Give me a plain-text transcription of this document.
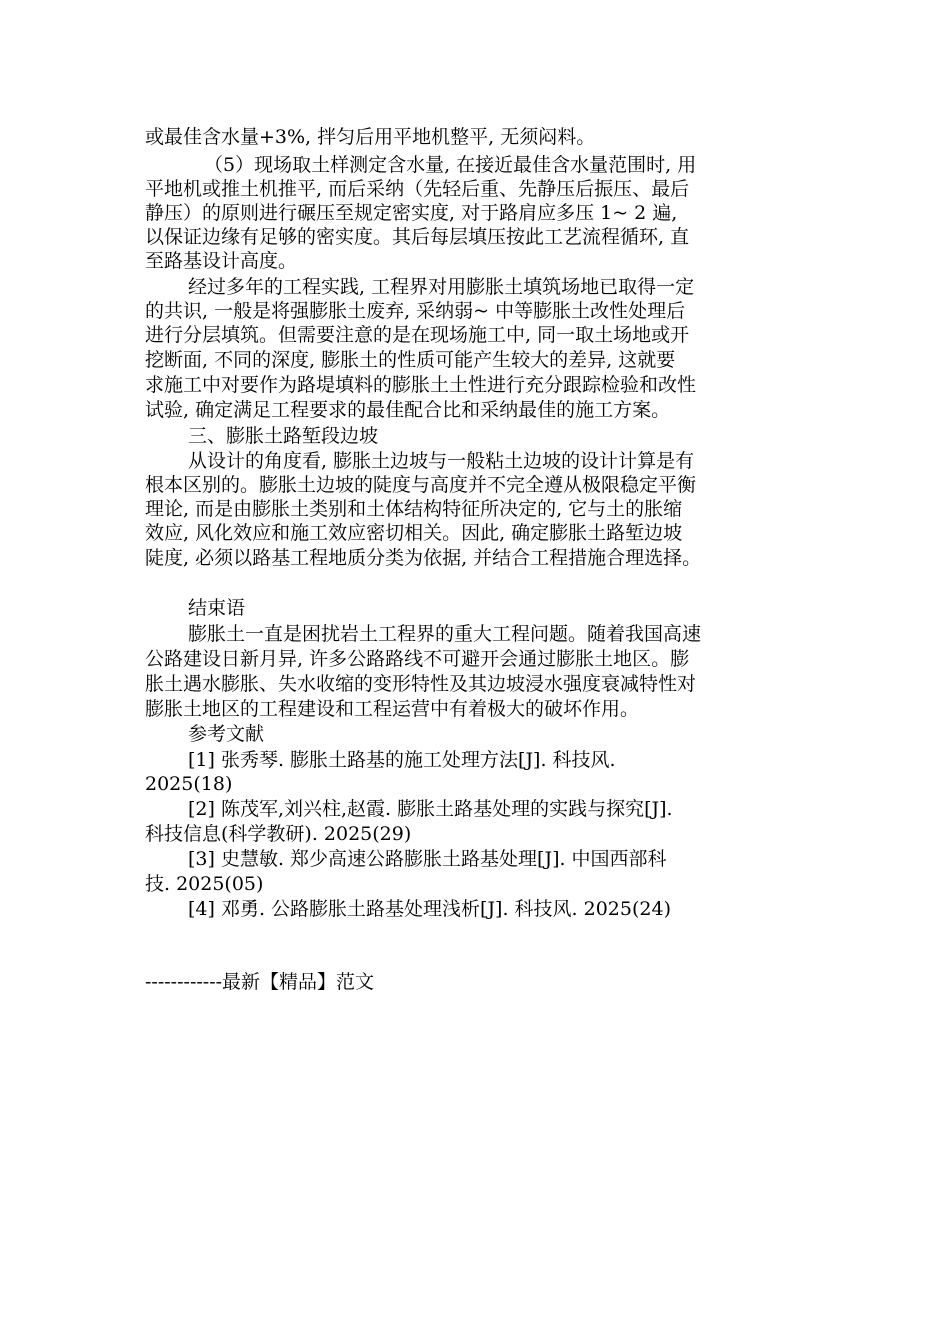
或最佳含水量+3%, 拌匀后用平地机整平, 无须闷料。
（5）现场取土样测定含水量, 在接近最佳含水量范围时, 用
平地机或推土机推平, 而后采纳（先轻后重、先静压后振压、最后
静压）的原则进行碾压至规定密实度, 对于路肩应多压 1~ 2 遍,
以保证边缘有足够的密实度。其后每层填压按此工艺流程循环, 直
至路基设计高度。
经过多年的工程实践, 工程界对用膨胀土填筑场地已取得一定
的共识, 一般是将强膨胀土废弃, 采纳弱~ 中等膨胀土改性处理后
进行分层填筑。但需要注意的是在现场施工中, 同一取土场地或开
挖断面, 不同的深度, 膨胀土的性质可能产生较大的差异, 这就要
求施工中对要作为路堤填料的膨胀土土性进行充分跟踪检验和改性
试验, 确定满足工程要求的最佳配合比和采纳最佳的施工方案。
三、膨胀土路堑段边坡
从设计的角度看, 膨胀土边坡与一般粘土边坡的设计计算是有
根本区别的。膨胀土边坡的陡度与高度并不完全遵从极限稳定平衡
理论, 而是由膨胀土类别和土体结构特征所决定的, 它与土的胀缩
效应, 风化效应和施工效应密切相关。因此, 确定膨胀土路堑边坡
陡度, 必须以路基工程地质分类为依据, 并结合工程措施合理选择。
结束语
膨胀土一直是困扰岩土工程界的重大工程问题。随着我国高速
公路建设日新月异, 许多公路路线不可避开会通过膨胀土地区。膨
胀土遇水膨胀、失水收缩的变形特性及其边坡浸水强度衰减特性对
膨胀土地区的工程建设和工程运营中有着极大的破坏作用。
参考文献
[1] 张秀琴. 膨胀土路基的施工处理方法[J]. 科技风.
2025(18)
[2] 陈茂军,刘兴柱,赵霞. 膨胀土路基处理的实践与探究[J].
科技信息(科学教研). 2025(29)
[3] 史慧敏. 郑少高速公路膨胀土路基处理[J]. 中国西部科
技. 2025(05)
[4] 邓勇. 公路膨胀土路基处理浅析[J]. 科技风. 2025(24)
------------最新【精品】范文
